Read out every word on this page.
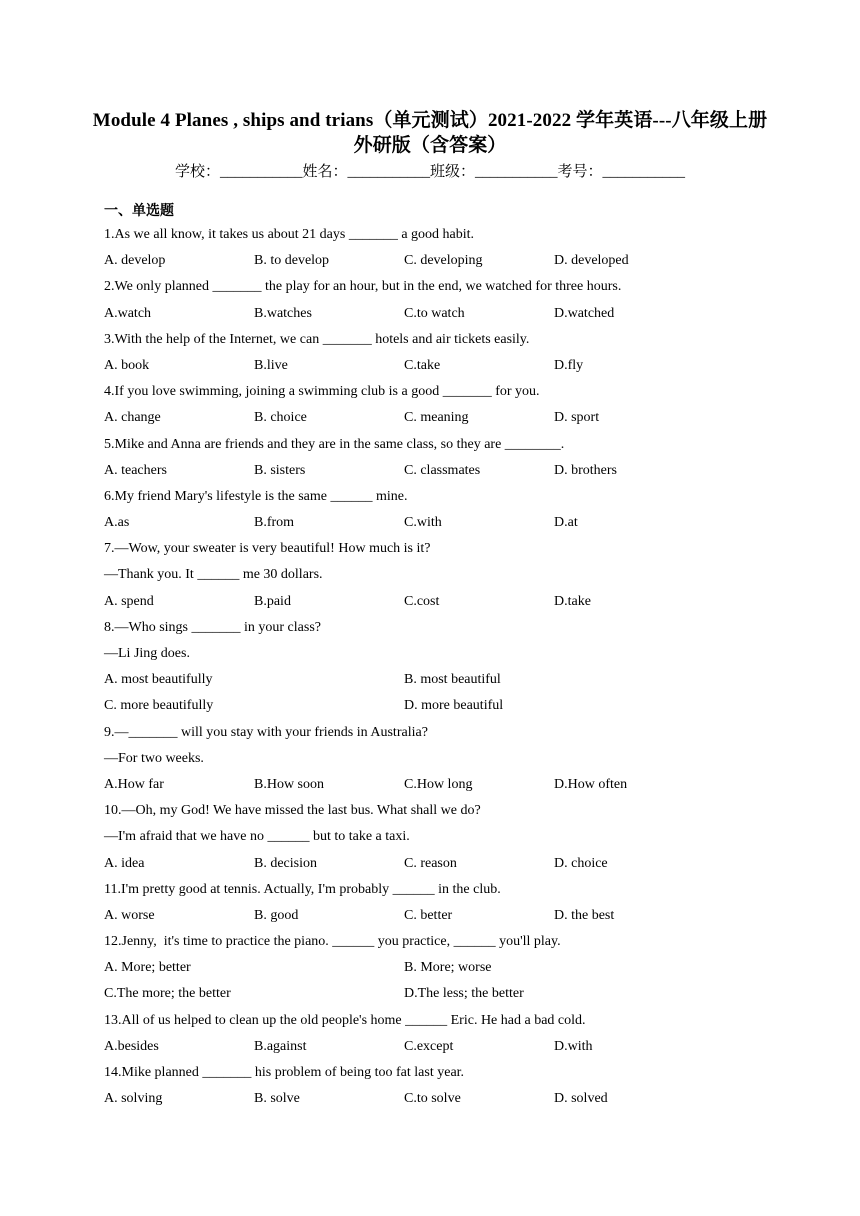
Module 4 Planes , ships and trians（单元测试）2021-2022 学年英语---八年级上册外研版（含答案）
学校：___________姓名：___________班级：___________考号：___________
一、单选题
1.As we all know, it takes us about 21 days _______ a good habit.
A. develop	B. to develop	C. developing	D. developed
2.We only planned _______ the play for an hour, but in the end, we watched for three hours.
A.watch	B.watches	C.to watch	D.watched
3.With the help of the Internet, we can _______ hotels and air tickets easily.
A. book	B.live	C.take	D.fly
4.If you love swimming, joining a swimming club is a good _______ for you.
A. change	B. choice	C. meaning	D. sport
5.Mike and Anna are friends and they are in the same class, so they are ________.
A. teachers	B. sisters	C. classmates	D. brothers
6.My friend Mary's lifestyle is the same ______ mine.
A.as	B.from	C.with	D.at
7.—Wow, your sweater is very beautiful! How much is it?
—Thank you. It ______ me 30 dollars.
A. spend	B.paid	C.cost	D.take
8.—Who sings _______ in your class?
—Li Jing does.
A. most beautifully	B. most beautiful
C. more beautifully	D. more beautiful
9.—_______ will you stay with your friends in Australia?
—For two weeks.
A.How far	B.How soon	C.How long	D.How often
10.—Oh, my God! We have missed the last bus. What shall we do?
—I'm afraid that we have no ______ but to take a taxi.
A. idea	B. decision	C. reason	D. choice
11.I'm pretty good at tennis. Actually, I'm probably ______ in the club.
A. worse	B. good	C. better	D. the best
12.Jenny,  it's time to practice the piano. ______ you practice, ______ you'll play.
A. More; better	B. More; worse
C.The more; the better	D.The less; the better
13.All of us helped to clean up the old people's home ______ Eric. He had a bad cold.
A.besides	B.against	C.except	D.with
14.Mike planned _______ his problem of being too fat last year.
A. solving	B. solve	C.to solve	D. solved
